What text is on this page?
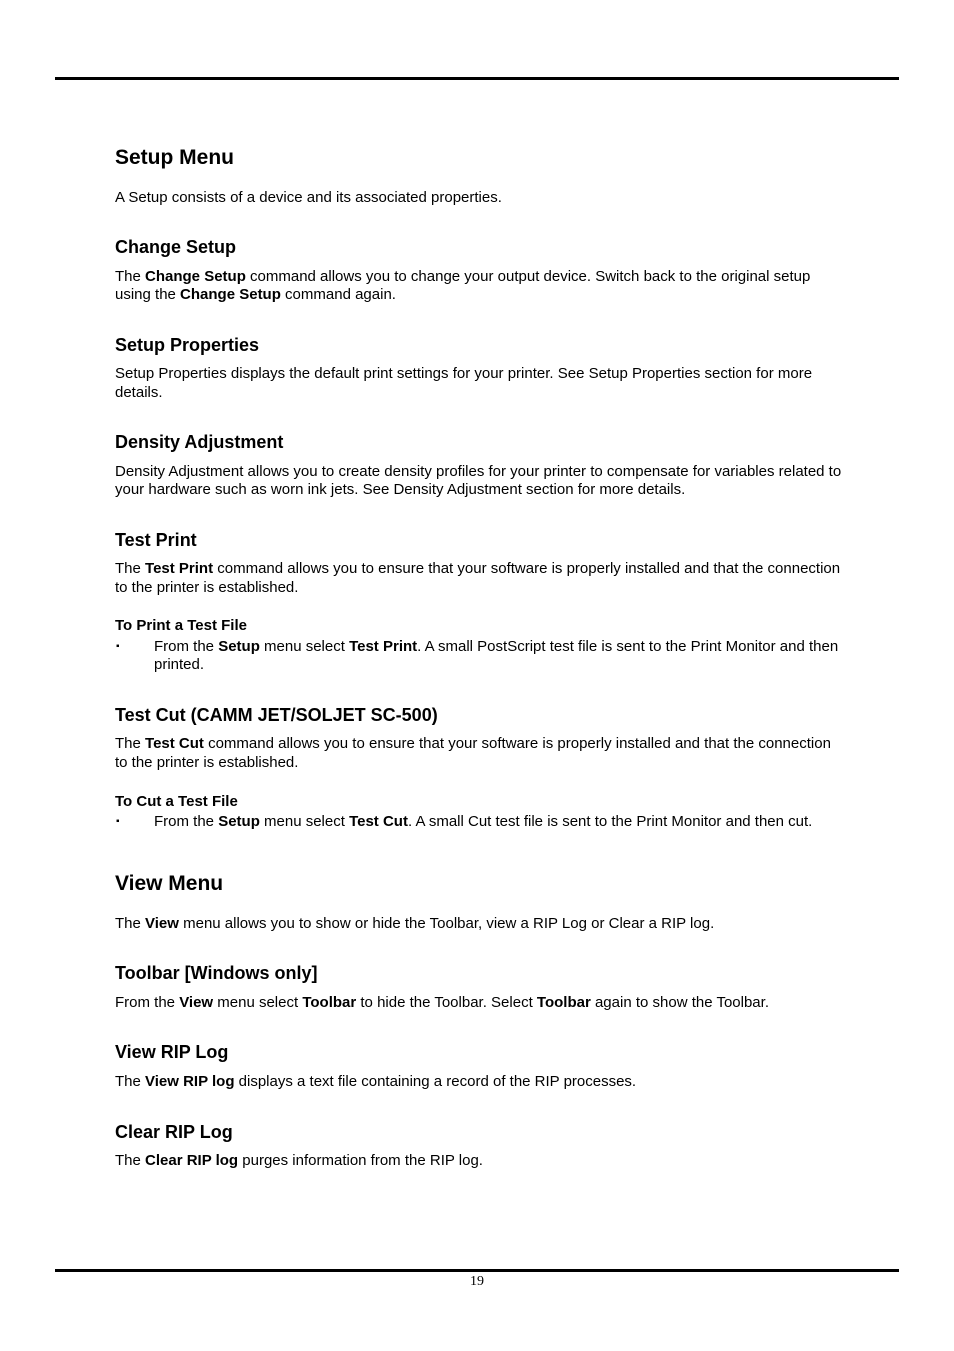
Setup Menu

A Setup consists of a device and its associated properties.

Change Setup

The Change Setup command allows you to change your output device. Switch back to the original setup

using the Change Setup command again.

Setup Properties

Setup Properties displays the default print settings for your printer. See Setup Properties section for more

details.

Density Adjustment

Density Adjustment allows you to create density profiles for your printer to compensate for variables related to

your hardware such as worn ink jets. See Density Adjustment section for more details.

Test Print

The Test Print command allows you to ensure that your software is properly installed and that the connection

to the printer is established.

To Print a Test File
▪ From the Setup menu select Test Print. A small PostScript test file is sent to the Print Monitor and then

printed.

Test Cut (CAMM JET/SOLJET SC-500)

The Test Cut command allows you to ensure that your software is properly installed and that the connection

to the printer is established.

To Cut a Test File
▪ From the Setup menu select Test Cut. A small Cut test file is sent to the Print Monitor and then cut.

View Menu

The View menu allows you to show or hide the Toolbar, view a RIP Log or Clear a RIP log.

Toolbar [Windows only]

From the View menu select Toolbar to hide the Toolbar. Select Toolbar again to show the Toolbar.

View RIP Log

The View RIP log displays a text file containing a record of the RIP processes.

Clear RIP Log

The Clear RIP log purges information from the RIP log.

19
